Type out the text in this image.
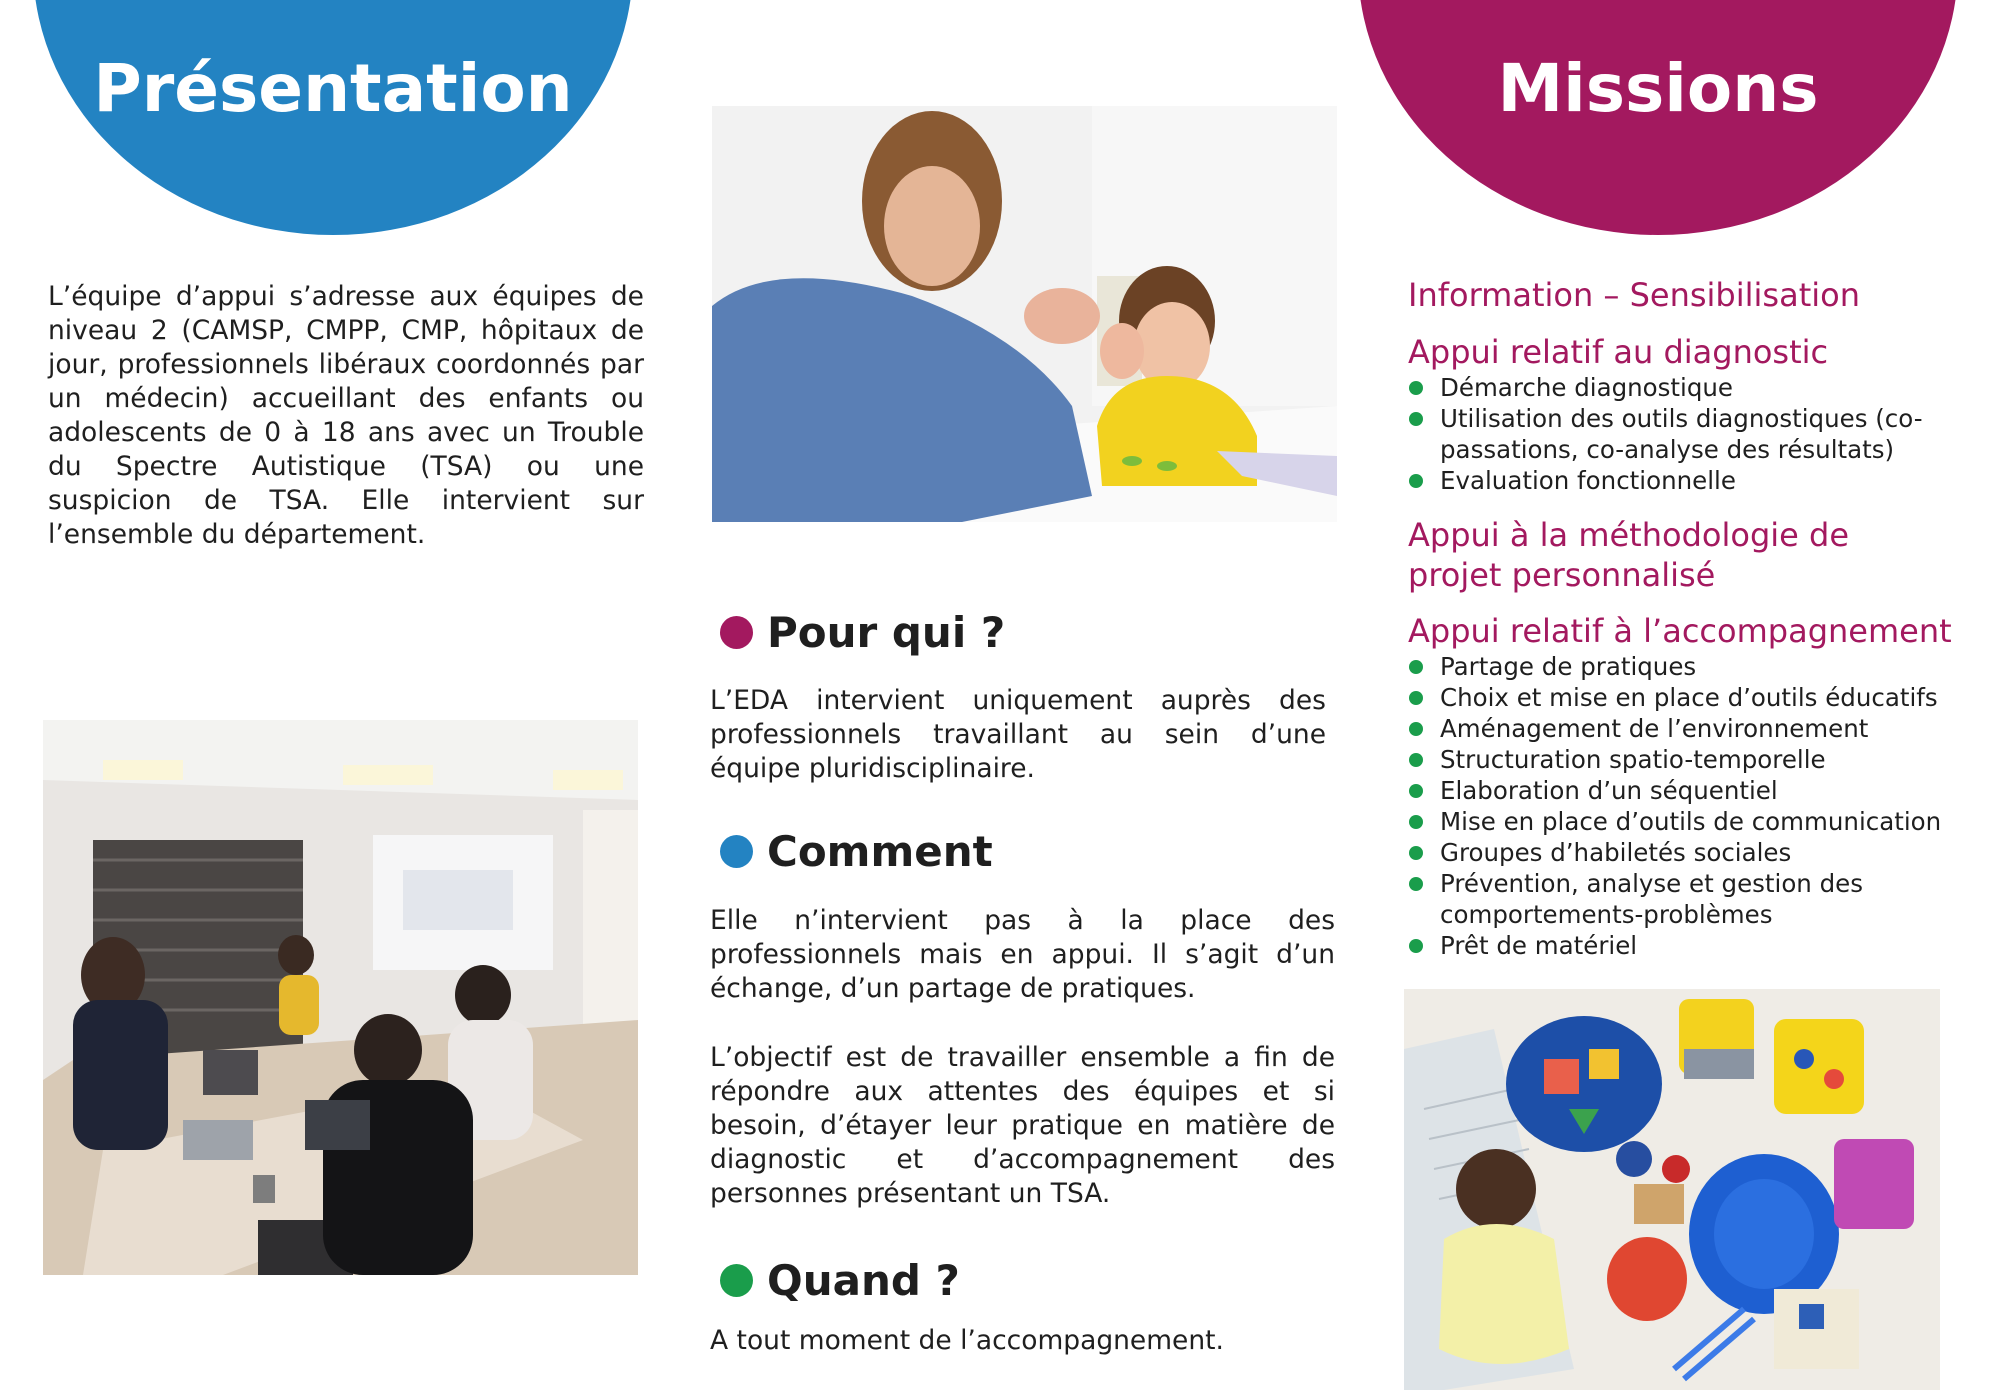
Présentation

L’équipe d’appui s’adresse aux équipes de niveau 2 (CAMSP, CMPP, CMP, hôpitaux de jour, professionnels libéraux coordonnés par un médecin) accueillant des enfants ou adolescents de 0 à 18 ans avec un Trouble du Spectre Autistique (TSA) ou une suspicion de TSA. Elle intervient sur l’ensemble du département.

Pour qui ?

L’EDA intervient uniquement auprès des professionnels travaillant au sein d’une équipe pluridisciplinaire.

Comment

Elle n’intervient pas à la place des professionnels mais en appui. Il s’agit d’un échange, d’un partage de pratiques.

L’objectif est de travailler ensemble a fin de répondre aux attentes des équipes et si besoin, d’étayer leur pratique en matière de diagnostic et d’accompagnement des personnes présentant un TSA.

Quand ?

A tout moment de l’accompagnement.

Missions

Information – Sensibilisation

Appui relatif au diagnostic

Démarche diagnostique
Utilisation des outils diagnostiques (co-passations, co-analyse des résultats)
Evaluation fonctionnelle

Appui à la méthodologie de projet personnalisé

Appui relatif à l’accompagnement

Partage de pratiques
Choix et mise en place d’outils éducatifs
Aménagement de l’environnement
Structuration spatio-temporelle
Elaboration d’un séquentiel
Mise en place d’outils de communication
Groupes d’habiletés sociales
Prévention, analyse et gestion des comportements-problèmes
Prêt de matériel
